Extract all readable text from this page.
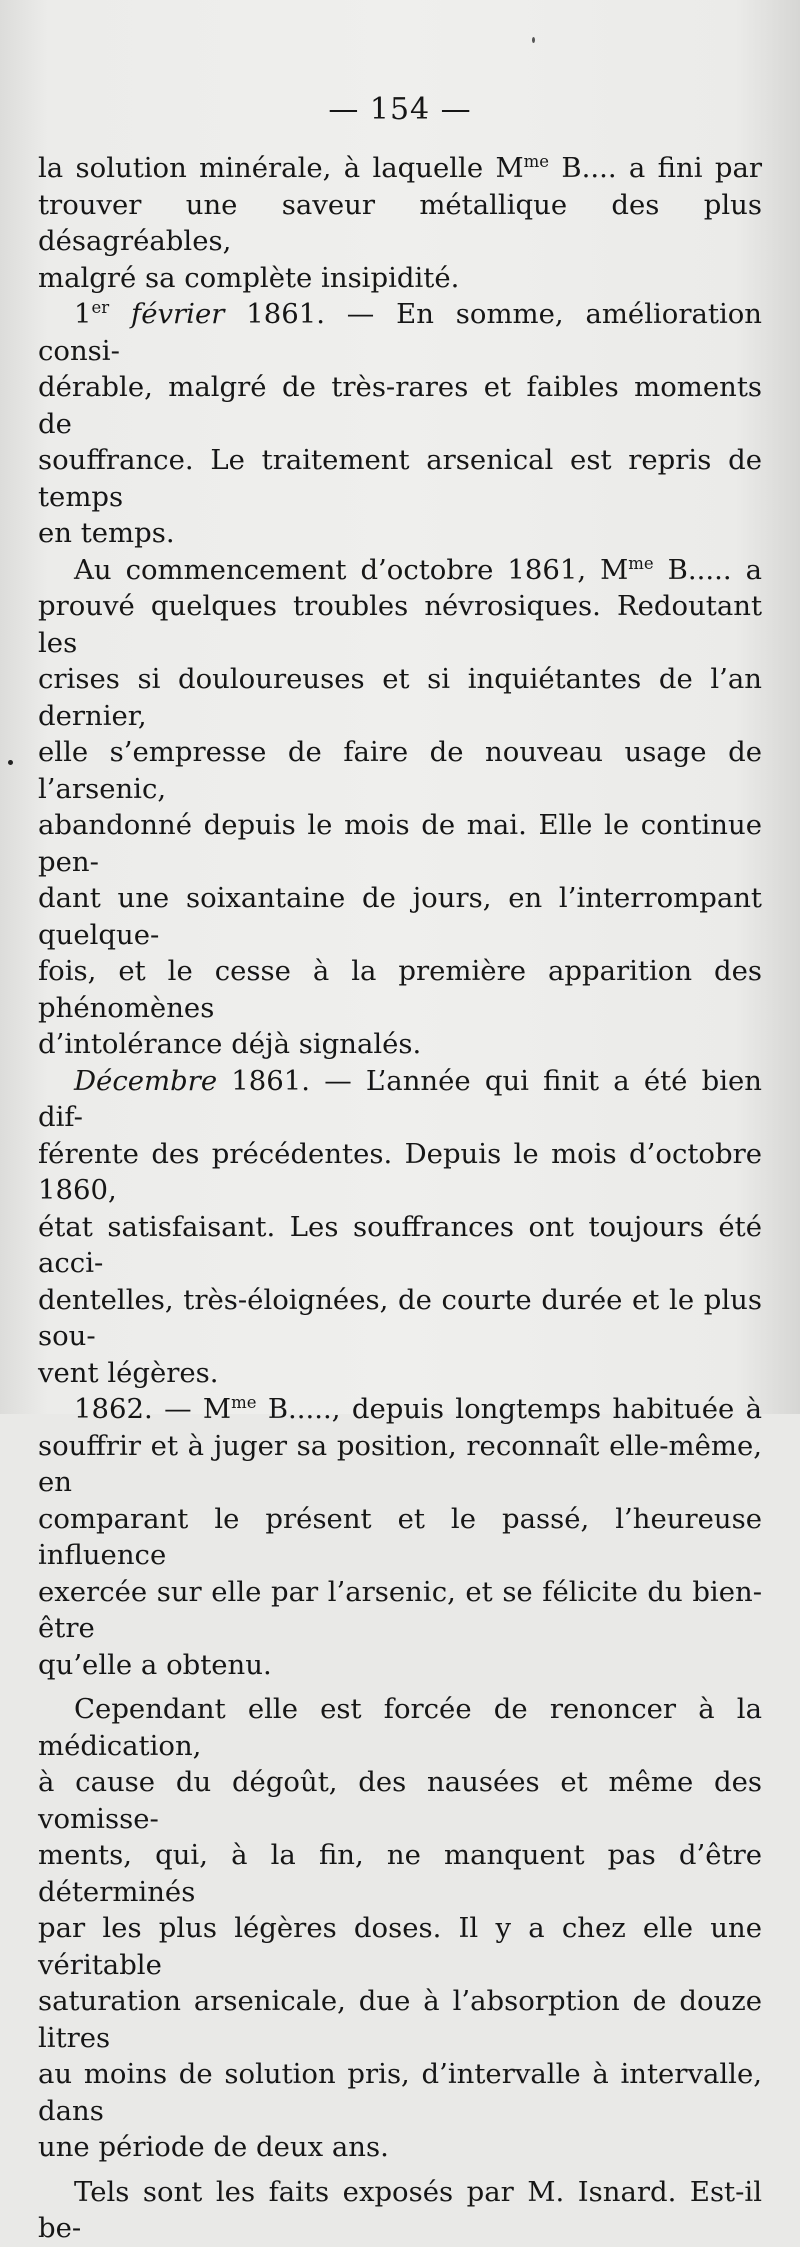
— 154 —

la solution minérale, à laquelle $M^{me}$ B.... a fini par

trouver une saveur métallique des plus désagréables,

malgré sa complète insipidité.

1er février 1861. — En somme, amélioration consi-

dérable, malgré de très-rares et faibles moments de

souffrance. Le traitement arsenical est repris de temps

en temps.

Au commencement d’octobre 1861, $M^{me}$ B..... a

prouvé quelques troubles névrosiques. Redoutant les

crises si douloureuses et si inquiétantes de l’an dernier,

elle s’empresse de faire de nouveau usage de l’arsenic,

abandonné depuis le mois de mai. Elle le continue pen-

dant une soixantaine de jours, en l’interrompant quelque-

fois, et le cesse à la première apparition des phénomènes

d’intolérance déjà signalés.

Décembre 1861. — L’année qui finit a été bien dif-

férente des précédentes. Depuis le mois d’octobre 1860,

état satisfaisant. Les souffrances ont toujours été acci-

dentelles, très-éloignées, de courte durée et le plus sou-

vent légères.

1862. — $M^{me}$ B....., depuis longtemps habituée à

souffrir et à juger sa position, reconnaît elle-même, en

comparant le présent et le passé, l’heureuse influence

exercée sur elle par l’arsenic, et se félicite du bien-être

qu’elle a obtenu.

Cependant elle est forcée de renoncer à la médication,

à cause du dégoût, des nausées et même des vomisse-

ments, qui, à la fin, ne manquent pas d’être déterminés

par les plus légères doses. Il y a chez elle une véritable

saturation arsenicale, due à l’absorption de douze litres

au moins de solution pris, d’intervalle à intervalle, dans

une période de deux ans.

Tels sont les faits exposés par M. Isnard. Est-il be-
